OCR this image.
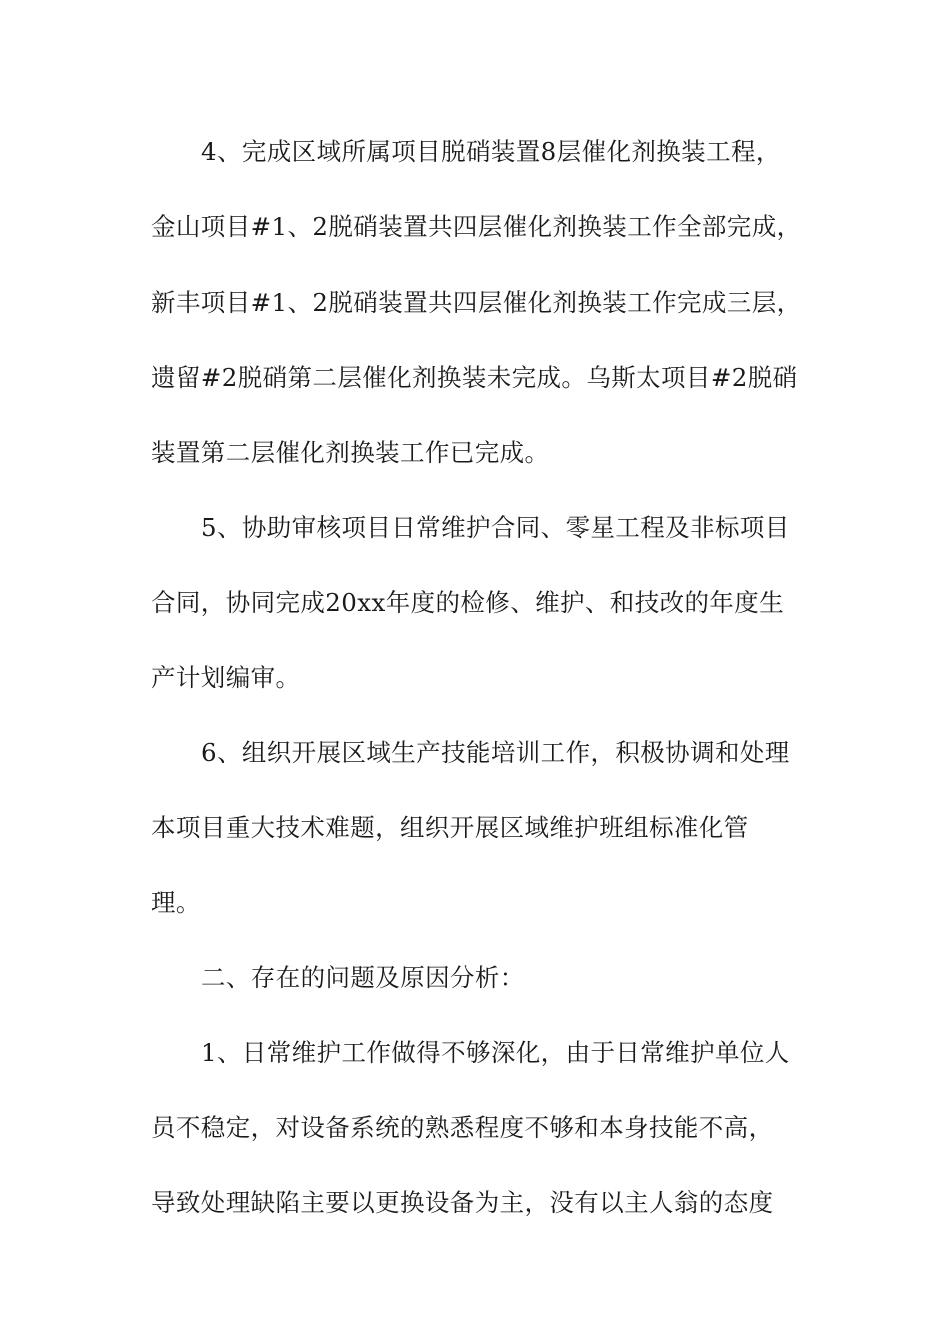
4、完成区域所属项目脱硝装置8层催化剂换装工程，
金山项目#1、2脱硝装置共四层催化剂换装工作全部完成，
新丰项目#1、2脱硝装置共四层催化剂换装工作完成三层，
遗留#2脱硝第二层催化剂换装未完成。乌斯太项目#2脱硝
装置第二层催化剂换装工作已完成。
5、协助审核项目日常维护合同、零星工程及非标项目
合同，协同完成20xx年度的检修、维护、和技改的年度生
产计划编审。
6、组织开展区域生产技能培训工作，积极协调和处理
本项目重大技术难题，组织开展区域维护班组标准化管
理。
二、存在的问题及原因分析：
1、日常维护工作做得不够深化，由于日常维护单位人
员不稳定，对设备系统的熟悉程度不够和本身技能不高，
导致处理缺陷主要以更换设备为主，没有以主人翁的态度
